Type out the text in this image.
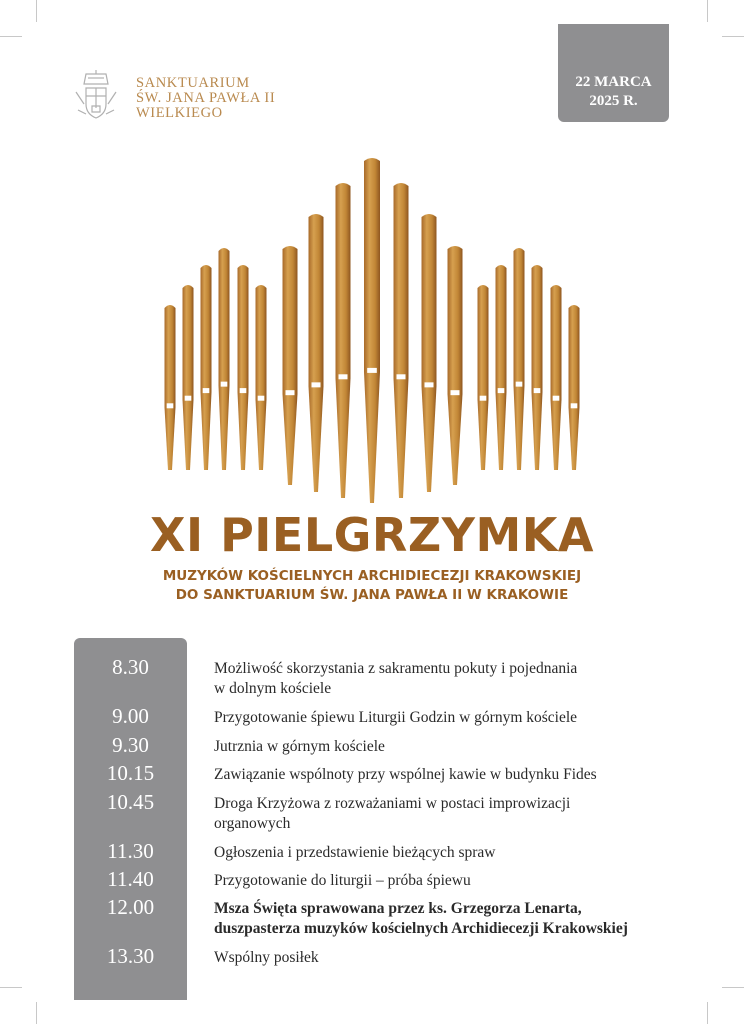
SANKTUARIUM
ŚW. JANA PAWŁA II
WIELKIEGO
22 MARCA
2025 R.
XI PIELGRZYMKA
MUZYKÓW KOŚCIELNYCH ARCHIDIECEZJI KRAKOWSKIEJ
DO SANKTUARIUM ŚW. JANA PAWŁA II W KRAKOWIE
8.30	Możliwość skorzystania z sakramentu pokuty i pojednania
w dolnym kościele
9.00	Przygotowanie śpiewu Liturgii Godzin w górnym kościele
9.30	Jutrznia w górnym kościele
10.15	Zawiązanie wspólnoty przy wspólnej kawie w budynku Fides
10.45	Droga Krzyżowa z rozważaniami w postaci improwizacji
organowych
11.30	Ogłoszenia i przedstawienie bieżących spraw
11.40	Przygotowanie do liturgii – próba śpiewu
12.00	Msza Święta sprawowana przez ks. Grzegorza Lenarta,
duszpasterza muzyków kościelnych Archidiecezji Krakowskiej
13.30	Wspólny posiłek
